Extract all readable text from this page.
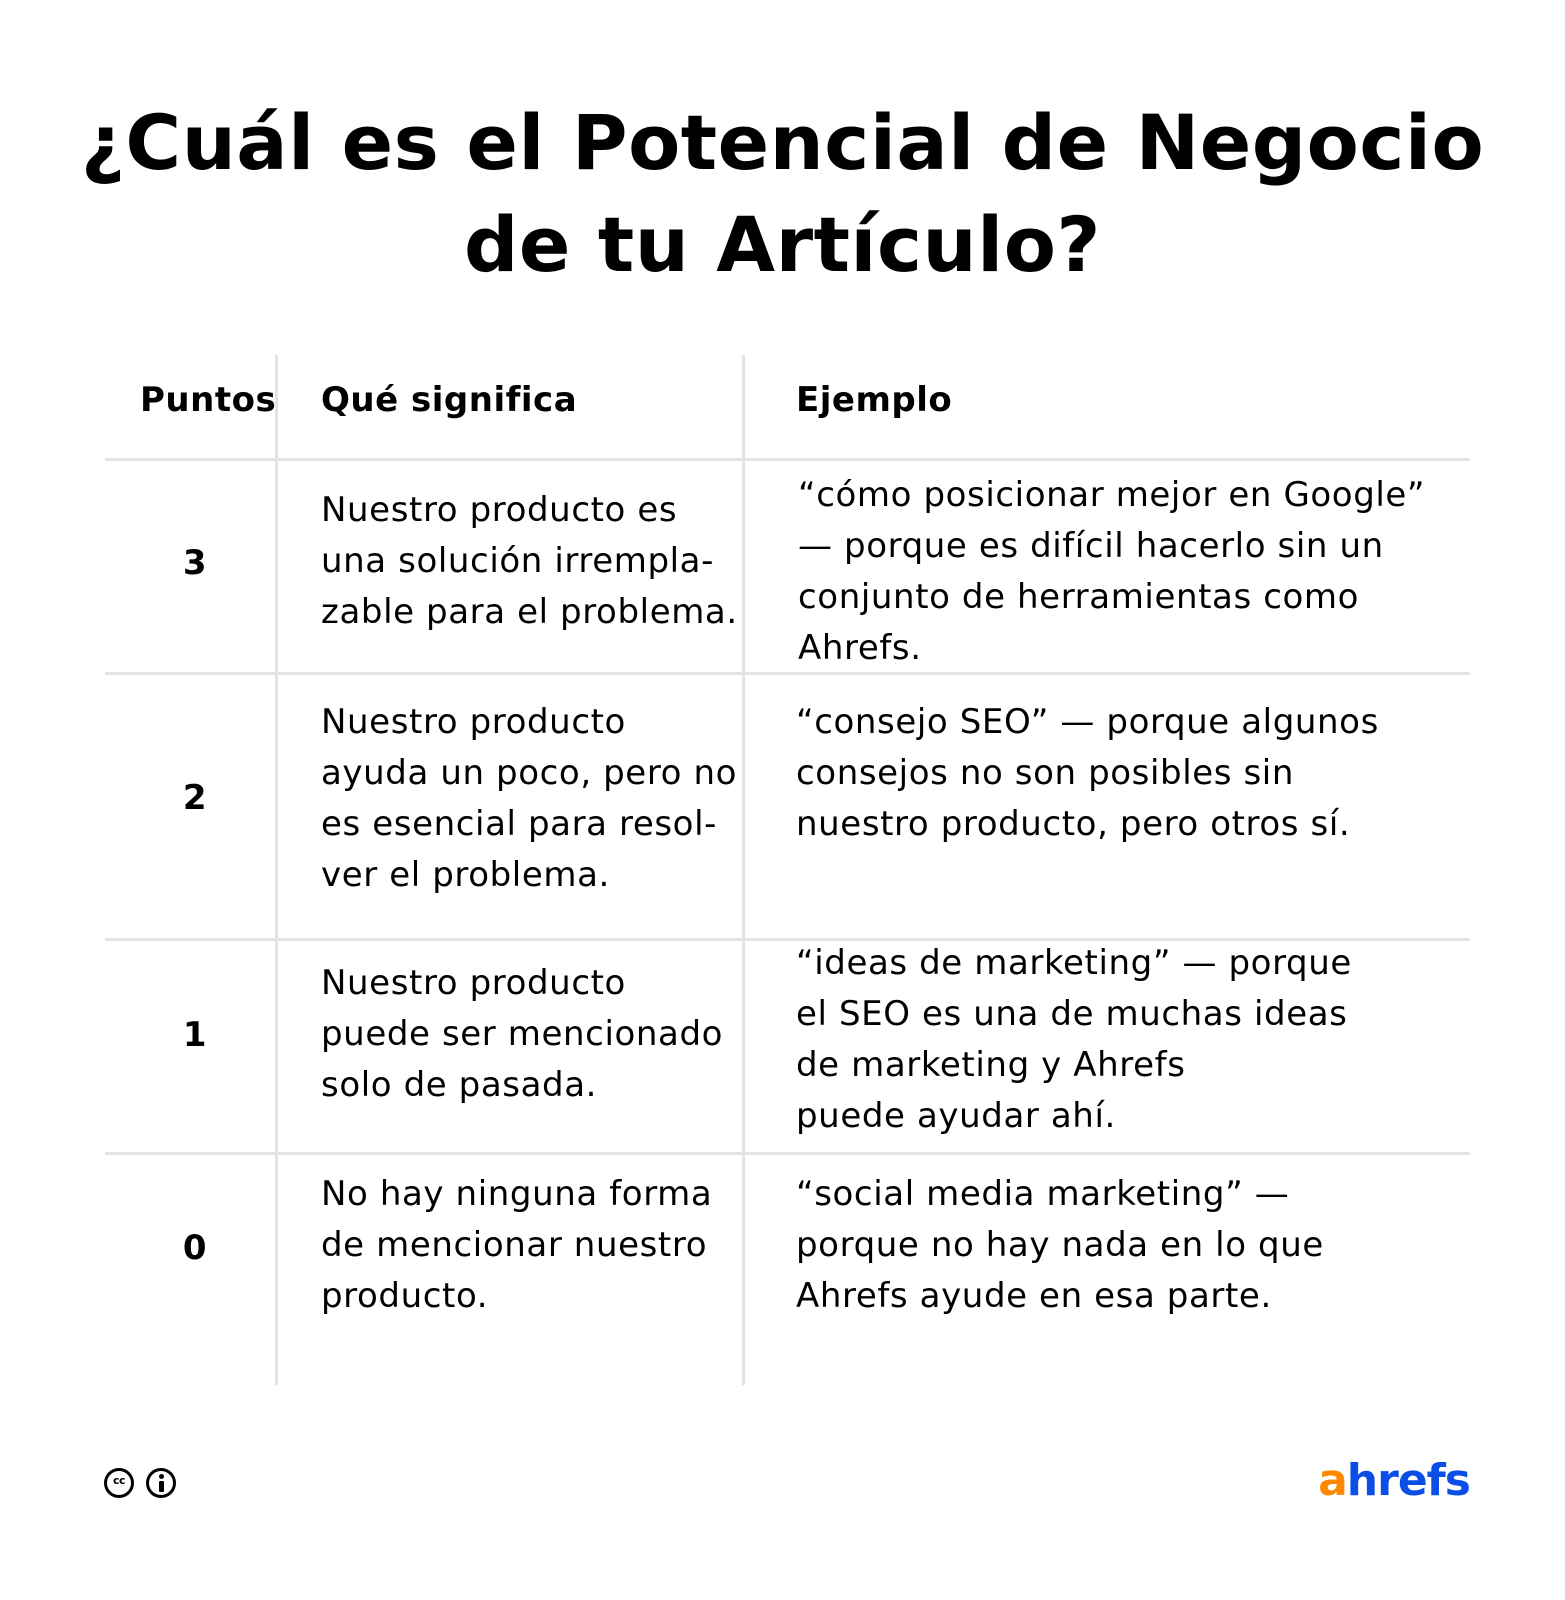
¿Cuál es el Potencial de Negocio
de tu Artículo?
Puntos Qué significa	Ejemplo
3
Nuestro producto es
una solución irrempla-
zable para el problema.
“cómo posicionar mejor en Google”
— porque es difícil hacerlo sin un
conjunto de herramientas como
Ahrefs.
2
Nuestro producto
ayuda un poco, pero no
es esencial para resol-
ver el problema.
“consejo SEO” — porque algunos
consejos no son posibles sin
nuestro producto, pero otros sí.
1
Nuestro producto
puede ser mencionado
solo de pasada.
“ideas de marketing” — porque
el SEO es una de muchas ideas
de marketing y Ahrefs
puede ayudar ahí.
0
No hay ninguna forma
de mencionar nuestro
producto.
“social media marketing” —
porque no hay nada en lo que
Ahrefs ayude en esa parte.
cc	ahrefs
